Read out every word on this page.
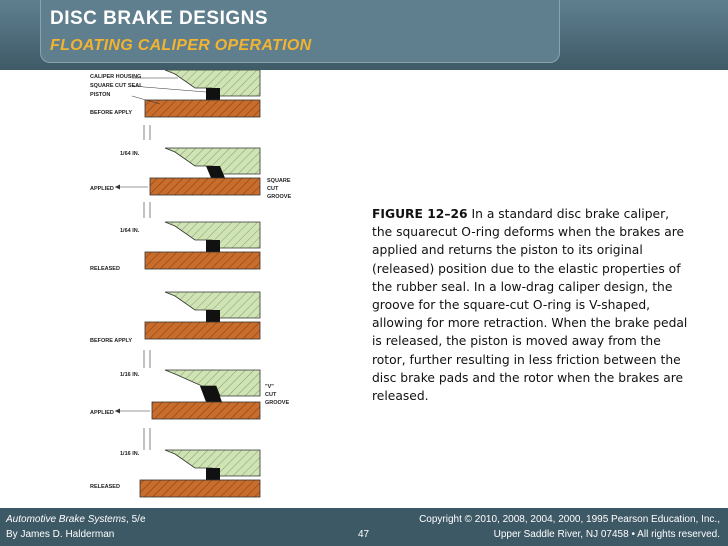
DISC BRAKE DESIGNS
FLOATING CALIPER OPERATION
CALIPER HOUSING
SQUARE CUT SEAL
PISTON
BEFORE APPLY
1/64 IN.
APPLIED
SQUARE
CUT
GROOVE
1/64 IN.
RELEASED
BEFORE APPLY
1/16 IN.
APPLIED
"V"
CUT
GROOVE
1/16 IN.
RELEASED
FIGURE 12–26 In a standard disc brake caliper, the squarecut O-ring deforms when the brakes are applied and returns the piston to its original (released) position due to the elastic properties of the rubber seal. In a low-drag caliper design, the groove for the square-cut O-ring is V-shaped, allowing for more retraction. When the brake pedal is released, the piston is moved away from the rotor, further resulting in less friction between the disc brake pads and the rotor when the brakes are released.
Automotive Brake Systems, 5/e
By James D. Halderman	47
Copyright © 2010, 2008, 2004, 2000, 1995 Pearson Education, Inc.,
Upper Saddle River, NJ 07458 • All rights reserved.
